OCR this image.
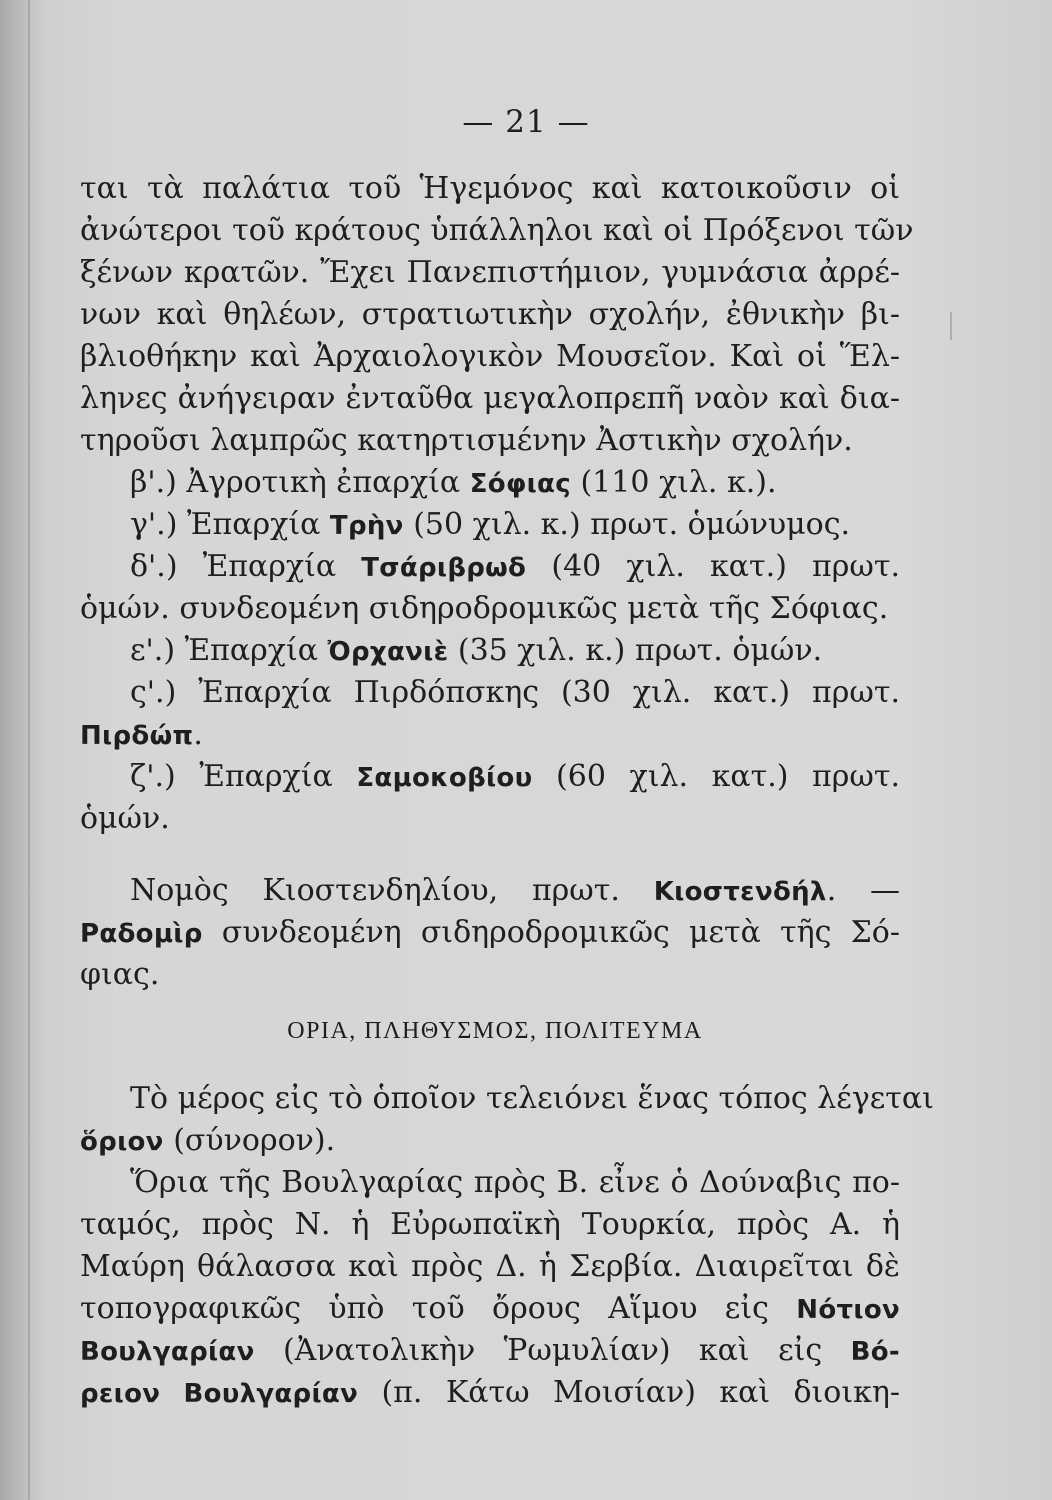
— 21 —
ται τὰ παλάτια τοῦ Ἡγεμόνος καὶ κατοικοῦσιν οἱ
ἀνώτεροι τοῦ κράτους ὑπάλληλοι καὶ οἱ Πρόξενοι τῶν
ξένων κρατῶν. Ἔχει Πανεπιστήμιον, γυμνάσια ἀρρέ-
νων καὶ θηλέων, στρατιωτικὴν σχολήν, ἐθνικὴν βι-
βλιοθήκην καὶ Ἀρχαιολογικὸν Μουσεῖον. Καὶ οἱ Ἕλ-
ληνες ἀνήγειραν ἐνταῦθα μεγαλοπρεπῆ ναὸν καὶ δια-
τηροῦσι λαμπρῶς κατηρτισμένην Ἀστικὴν σχολήν.
β'.) Ἀγροτικὴ ἐπαρχία Σόφιας (110 χιλ. κ.).
γ'.) Ἐπαρχία Τρὴν (50 χιλ. κ.) πρωτ. ὁμώνυμος.
δ'.) Ἐπαρχία Τσάριβρωδ (40 χιλ. κατ.) πρωτ.
ὁμών. συνδεομένη σιδηροδρομικῶς μετὰ τῆς Σόφιας.
ε'.) Ἐπαρχία Ὀρχανιὲ (35 χιλ. κ.) πρωτ. ὁμών.
ς'.) Ἐπαρχία Πιρδόπσκης (30 χιλ. κατ.) πρωτ.
Πιρδώπ.
ζ'.) Ἐπαρχία Σαμοκοβίου (60 χιλ. κατ.) πρωτ.
ὁμών.
Νομὸς Κιοστενδηλίου, πρωτ. Κιοστενδήλ. —
Ραδομὶρ συνδεομένη σιδηροδρομικῶς μετὰ τῆς Σό-
φιας.
ΟΡΙΑ, ΠΛΗΘΥΣΜΟΣ, ΠΟΛΙΤΕΥΜΑ
Τὸ μέρος εἰς τὸ ὁποῖον τελειόνει ἕνας τόπος λέγεται
ὅριον (σύνορον).
Ὅρια τῆς Βουλγαρίας πρὸς Β. εἶνε ὁ Δούναβις πο-
ταμός, πρὸς Ν. ἡ Εὐρωπαϊκὴ Τουρκία, πρὸς Α. ἡ
Μαύρη θάλασσα καὶ πρὸς Δ. ἡ Σερβία. Διαιρεῖται δὲ
τοπογραφικῶς ὑπὸ τοῦ ὄρους Αἵμου εἰς Νότιον
Βουλγαρίαν (Ἀνατολικὴν Ῥωμυλίαν) καὶ εἰς Βό-
ρειον Βουλγαρίαν (π. Κάτω Μοισίαν) καὶ διοικη-
